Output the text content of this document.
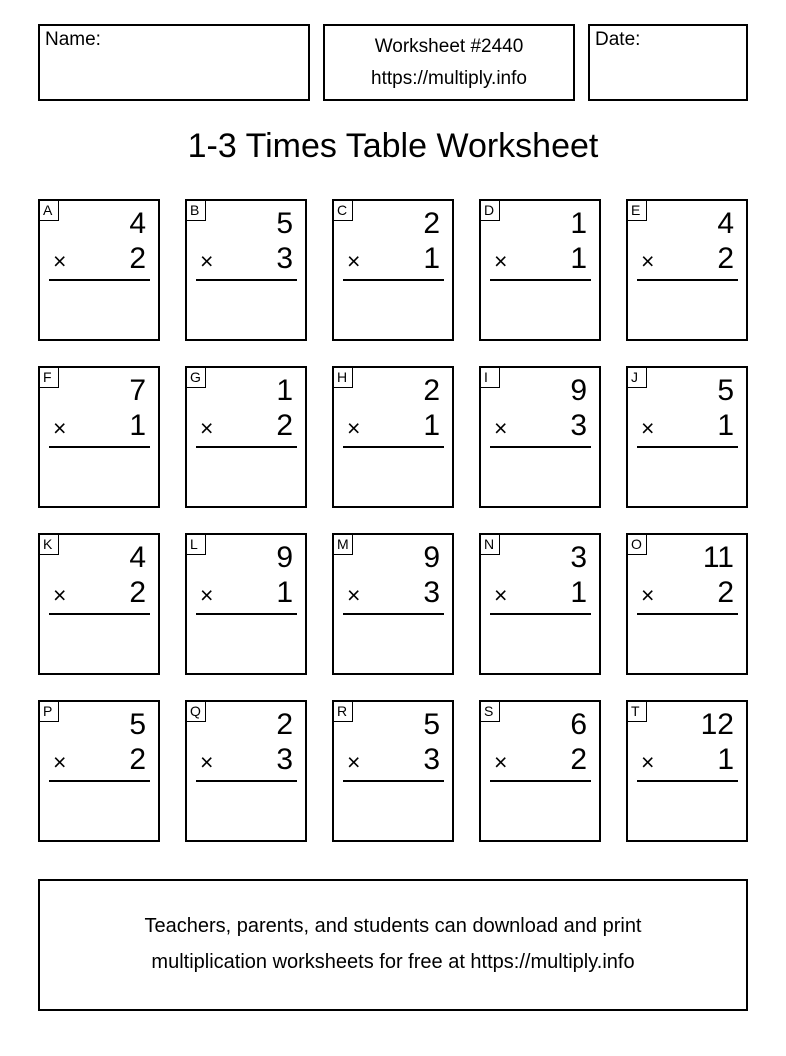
Name:	Worksheet #2440
https://multiply.info
Date:
1-3 Times Table Worksheet
A	4
× 2
B	5
× 3
C	2
× 1
D	1
× 1
E	4
× 2
F	7
× 1
G	1
× 2
H	2
× 1
I	9
× 3
J	5
× 1
K	4
× 2
L	9
× 1
M 9
× 3
N	3
× 1
O 11
× 2
P	5
× 2
Q	2
× 3
R	5
× 3
S	6
× 2
T 12
× 1
Teachers, parents, and students can download and print
multiplication worksheets for free at https://multiply.info
